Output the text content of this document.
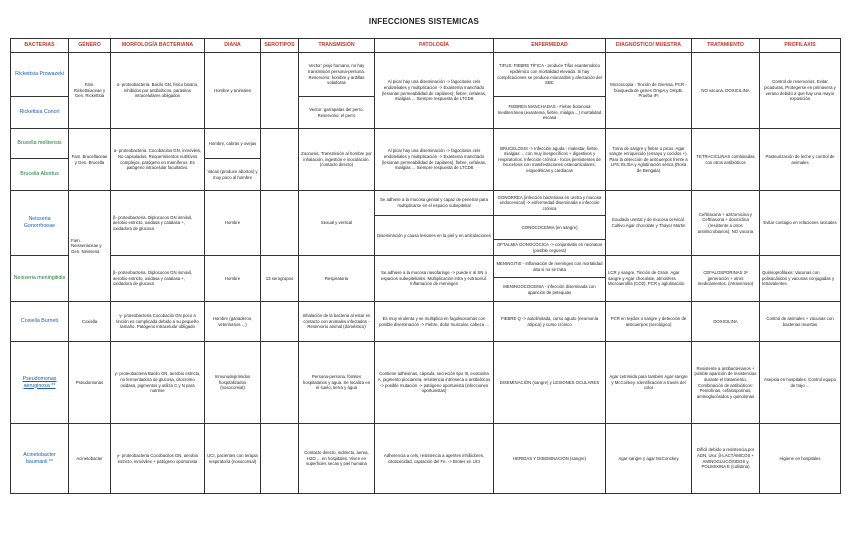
INFECCIONES SISTEMICAS
BACTERIAS	GÉNERO	MORFOLOGÍA BACTERIANA	DIANA	SEROTIPOS	TRANSMISIÓN	PATOLOGÍA	ENFERMEDAD	DIAGNÓSTICO/ MUESTRA	TRATAMIENTO	PROFILAXIS
Rickettsia Prowazeki	Fam. Rickettsiaceae y Gen. Rickettsia	α- proteobacteria. Bacilo GN, fisico binario, inhibidos por antibióticos, parasitos intracelulares obligados	Hombre y animales		Vector: piojo humano, no hay transmisión persona-persona. Reservorio: hombre y ardillas voladoras	Al picar hay una diseminación -> fagocitosis cels endoteliales y multiplicación -> Exantema manchado (lesionan permeabilidad de capilares), fiebre, cefaleas, mialgias ... Siempre respuesta de LTCD8	TIFUS: FIEBRE TÍFICA - produce Tifus exantemático epidémico con mortalidad elevada. Si hay complicaciones se produce miocarditis y afectación del SBC	Microscopia - Tinción de Giemsa, PCR - búsqueda de genes OmpA y OmpB. Prueba IFI	NO vacuna. DOXICILINA	Control de reservorios, Evitar picaduras, Protegerse en primavera y verano debido a que hay una mayor exposición
Rickettsia Conori					Vector: garrapatas del perro. Reservorio: el perro		FIEBRES MANCHADAS - Fiebre botonosa mediterránea (exantema, fiebre, mialgia ...) mortalidad escasa			
Brucella melitensis	Fam. Brucellaceae y Gen. Brucella	α- proteobacteria. Cocobacilos GN, inmóviles, No capsulados, Requerimientos nutritivos complejos, patógeno en mamíferos. Es patógeno intracelular facultativo.	Hombre, cabras y ovejas		Zoonosis. Transmisión al hombre por inhalación, ingestión e inoculación. (contacto directo)	Al picar hay una diseminación -> fagocitosis cels endoteliales y multiplicación -> Exantema manchado (lesionan permeabilidad de capilares), fiebre, cefaleas, mialgias ... Siempre respuesta de LTCD8	BRUCELOSIS -> Infección aguda - malestar, fiebre, mialgias ... con muy inespecíficos + digestivos y respiratorios. Infección crónica - focos persistentes de brucelosis con manifestaciones osteoarticulares, esqueléticas y cardiacas	Toma de sangre y fiebre o picos. Agar sangre enriquecido (ensayo y cocidos +). Para la detección de anticuerpos frente a LPS: ELISA y Aglutinación sérica (Rosa de Bengala)	TETRACICLINAS combinadas con otros antibióticos	Pasteurización de leche y control de animales
Brucella Abortus			Vacas (produce abortos) y muy poco al hombre							
Neisseria Gonorrhoeae	Fam. Neisseriaceae y Gen. Neisseria	β- proteobacteria. Diplococos GN inmóvil, aerobio estricto, oxidasa y catalasa +, oxidadora de glucosa	Hombre		Sexual y vertical	Se adhiere a la mucosa genital y capaz de penetrar para multiplicarse en el espacio subepitelial	GONORREA (infección bacteriana en uretra y mucosa endocervical) -> enfermedad diseminada e infección crónica	Exudado uretral y de mucosa cervical. Cultivo Agar chocolate y Thayer Martin	Ceftriaxona + azitromicina y Ceftriaxona + doxiciclina (resistente a otros antimicrobianos). NO vacuna	Evitar contagio en relaciones sexuales
						Diseminación y causa lesiones en la piel y en articulaciones	GONOCOCEMIA (en sangre)			
							OFTALMIA GONOCÓCICA -> conjuntivitis en neonatos (posible ceguera)			
Neisseria meningitidis		β- proteobacteria. Diplococos GN inmóvil, aerobio estricto, oxidasa y catalasa +, oxidadora de glucosa	Hombre	13 serogrupos	Respiratoria	Se adhiere a la mucosa nasofaringe -> puede ir al SN o espacios subepiteliales. Multiplicación intra y extracelul. Inflamación de meninges	MENINGITIS - Inflamación de meninges con mortalidad alta si no se trata	LCR y sangre, Tinción de Gram. Agar sangre y Agar chocolate, atmosfera Microaerofila (CO2), PCR y aglutinación	CEFALOSPORINAS 3ª generación + otros medicamentos. (intravenoso)	Quimioprofilaxis: Vacunas con polisacáridos y vacunas conjugadas y tetravalentes.
							MENINGOCOCEMIA - infección diseminada con aparición de petequias			
Coxiella Burneti	Coxiella	γ- proteobacteria Cocobacilo GN poco a tinción es complicada debido a su pequeño tamaño. Patógeno intracelular obligado	Hombre (ganaderos, veterinarios ...)		Inhalación de la bacteria al estar en contacto con animales infectados - Reservorio animal (doméstico)	Es muy virulenta y se multiplica en fagolisosomas con posible diseminación -> Fiebre, dolor muscular, cabeza ...	FIEBRE Q -> autolimitada, curso agudo (neumonía atípica) y curso crónico	PCR en tejidos o sangre y detección de anticuerpos (serológico)	DOXICILINA	Control de animales + vacunas con bacterias muertas
Pseudomonas aeruginosa **	Pseudomonas	γ- proteobacteria Bacilo GN, aerobio estricto, no fermentadora de glucosa, citocromo oxidasa, pigmentos y utiliza C y N para nutrirse	Inmunodeprimidos hospitalizados (nosocomial)		Persona-persona, fómites hospitalarios y agua. Se localiza en el suelo, tierra y agua	Contiene adhesinas, cápsula, secreción tipo III, exotoxina A, pigmento piocianina, resistencia intrínseca a antibióticos -> posible mutación -> patógeno oportunista (infecciones oportunistas)	DISEMINACIÓN (sangre) y LESIONES OCULARES	Agar cetrimida para también Agar sangre y McConkey. Identificación a través del color	Resistente a antibacterianos + posible aparición de resistencias durante el tratamiento. Combinación de antibióticos: Penicilinas, cefalosporinas, aminoglucósidos y quinolonas	Asepsia en hospitales. Control equipo de trajo ...
Acinetobacter baumanii **	Acinetobacter	γ- proteobacteria Cocobacilos GN, aerobio estricto, inmóviles + patógeno oportunista	UCI, pacientes con terapia respiratoria (nosocomial)		Contacto directo, indirecto, aerea, H2O ... en hospitales. Viven en superficies secas y piel humana	Adherencia a cels, resistencia a agentes inhibidores, citotoxicidad, captación del Fe. -> Brotes en UCI	HERIDAS Y DISEMINACIÓN (sangre)	Agar sangre y agar McConckey	Difícil debido a resistencia por ADN. Uso: β-LACTÁMICOS + AMINOGLUCÓSIDOS y POLIMIXINA E (colistina)	Higiene en hospitales
